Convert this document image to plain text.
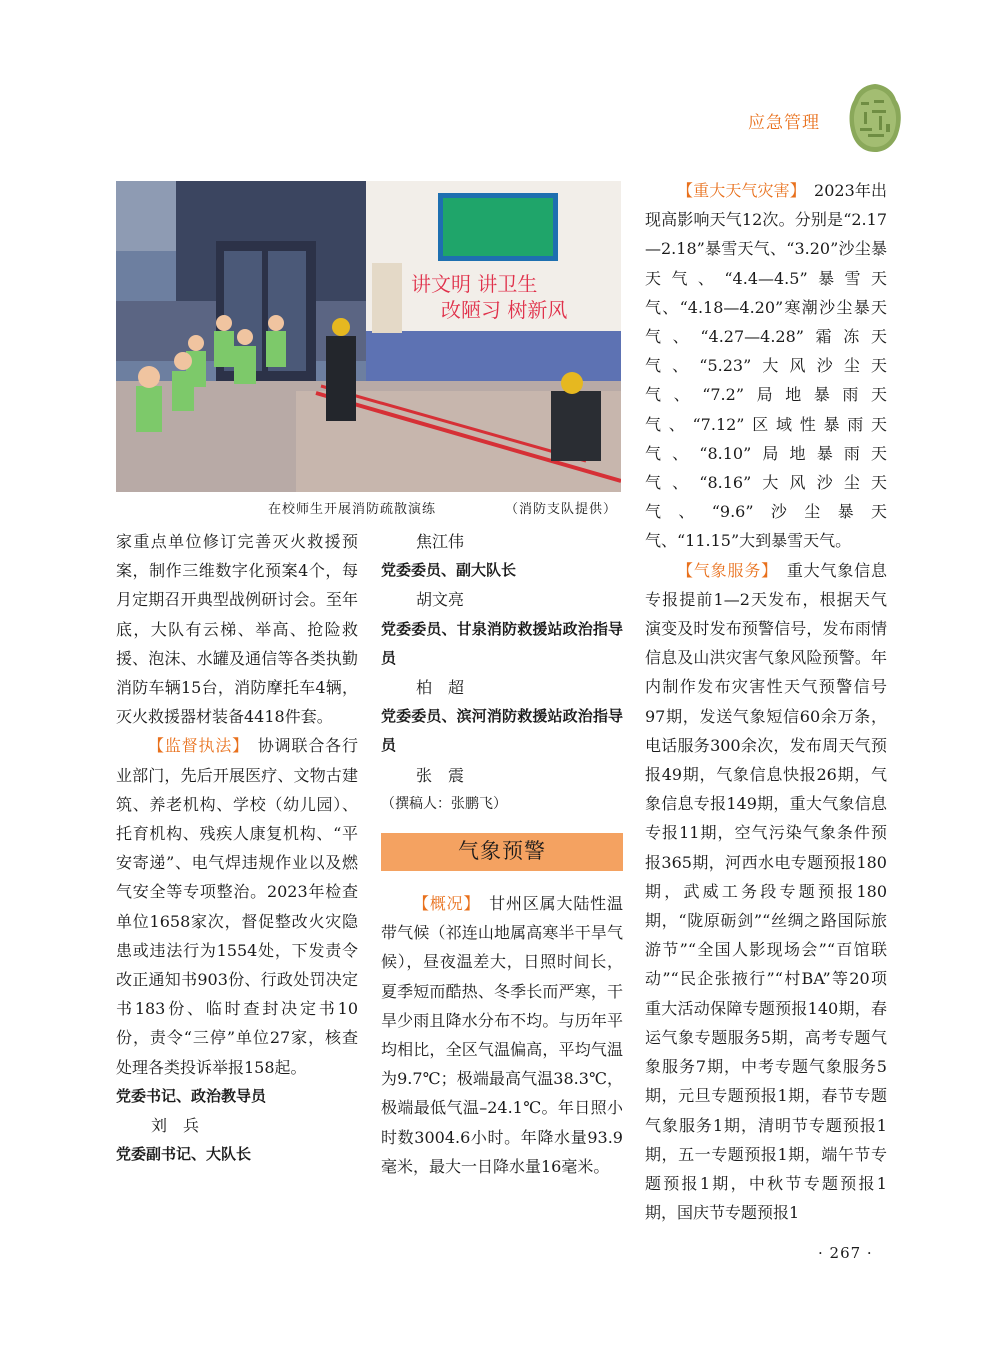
应急管理
讲文明 讲卫生
改陋习 树新风
在校师生开展消防疏散演练	（消防支队提供）

家重点单位修订完善灭火救援预案，制作三维数字化预案4个，每月定期召开典型战例研讨会。至年底，大队有云梯、举高、抢险救援、泡沫、水罐及通信等各类执勤消防车辆15台，消防摩托车4辆，灭火救援器材装备4418件套。

【监督执法】　 协调联合各行业部门，先后开展医疗、文物古建筑、养老机构、学校（幼儿园）、托育机构、残疾人康复机构、“平安寄递”、电气焊违规作业以及燃气安全等专项整治。2023年检查单位1658家次，督促整改火灾隐患或违法行为1554处，下发责令改正通知书903份、行政处罚决定书183份、临时查封决定书10份，责令“三停”单位27家，核查处理各类投诉举报158起。

党委书记、政治教导员

刘　兵

党委副书记、大队长

焦江伟

党委委员、副大队长

胡文亮

党委委员、甘泉消防救援站政治指导员

柏　超

党委委员、滨河消防救援站政治指导员

张　震

（撰稿人：张鹏飞）

气象预警

【概况】　 甘州区属大陆性温带气候（祁连山地属高寒半干旱气候），昼夜温差大，日照时间长，夏季短而酷热、冬季长而严寒，干旱少雨且降水分布不均。与历年平均相比，全区气温偏高，平均气温为9.7℃；极端最高气温38.3℃，极端最低气温–24.1℃。年日照小时数3004.6小时。年降水量93.9毫米，最大一日降水量16毫米。

【重大天气灾害】　 2023年出现高影响天气12次。分别是“2.17—2.18”暴雪天气、“3.20”沙尘暴天气、“4.4—4.5”暴雪天气、“4.18—4.20”寒潮沙尘暴天气、“4.27—4.28”霜冻天气、“5.23”大风沙尘天气、“7.2”局地暴雨天气、“7.12”区域性暴雨天气、“8.10”局地暴雨天气、“8.16”大风沙尘天气、“9.6”沙尘暴天气、“11.15”大到暴雪天气。

【气象服务】　 重大气象信息专报提前1—2天发布，根据天气演变及时发布预警信号，发布雨情信息及山洪灾害气象风险预警。年内制作发布灾害性天气预警信号97期，发送气象短信60余万条，电话服务300余次，发布周天气预报49期，气象信息快报26期，气象信息专报149期，重大气象信息专报11期，空气污染气象条件预报365期，河西水电专题预报180期，武威工务段专题预报180期，“陇原砺剑”“丝绸之路国际旅游节”“全国人影现场会”“百馆联动”“民企张掖行”“村BA”等20项重大活动保障专题预报140期，春运气象专题服务5期，高考专题气象服务7期，中考专题气象服务5期，元旦专题预报1期，春节专题气象服务1期，清明节专题预报1期，五一专题预报1期，端午节专题预报1期，中秋节专题预报1期，国庆节专题预报1

· 267 ·
